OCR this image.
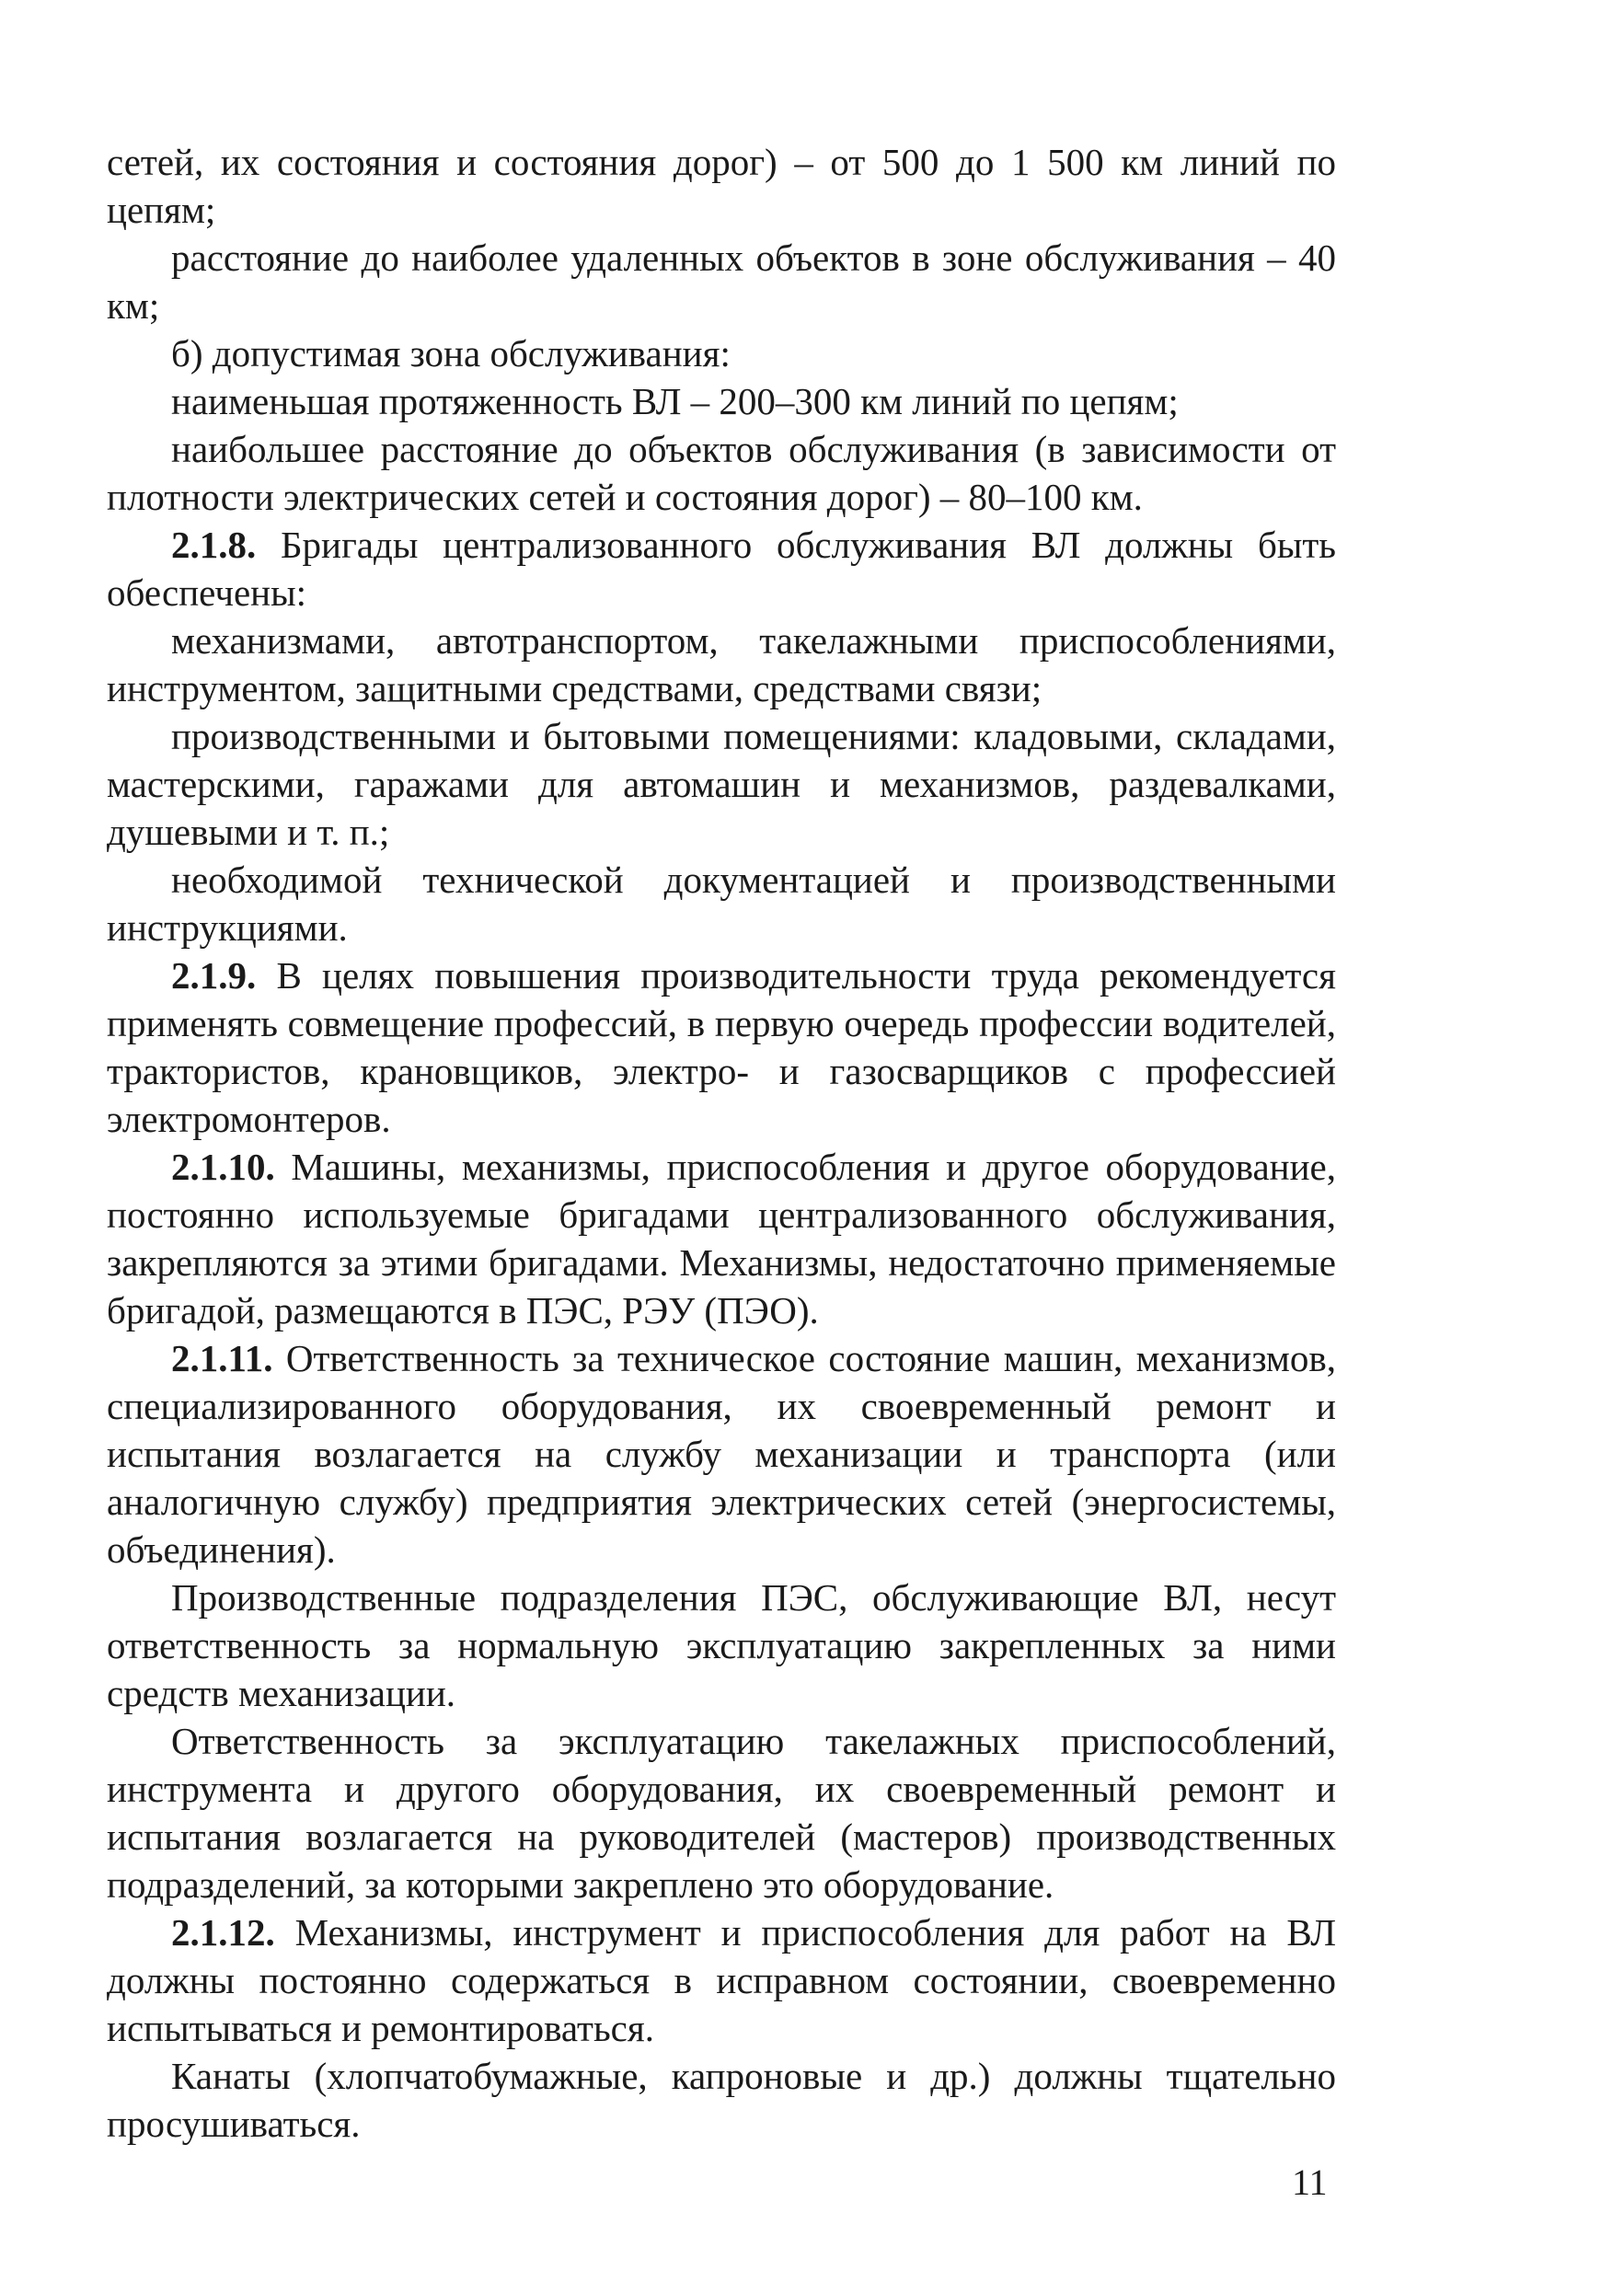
сетей, их состояния и состояния дорог) – от 500 до 1 500 км линий по цепям;

расстояние до наиболее удаленных объектов в зоне обслуживания – 40 км;

б) допустимая зона обслуживания:

наименьшая протяженность ВЛ – 200–300 км линий по цепям;

наибольшее расстояние до объектов обслуживания (в зависимости от плотности электрических сетей и состояния дорог) – 80–100 км.

2.1.8. Бригады централизованного обслуживания ВЛ должны быть обеспечены:

механизмами, автотранспортом, такелажными приспособлениями, инструментом, защитными средствами, средствами связи;

производственными и бытовыми помещениями: кладовыми, складами, мастерскими, гаражами для автомашин и механизмов, раздевалками, душевыми и т. п.;

необходимой технической документацией и производственными инструкциями.

2.1.9. В целях повышения производительности труда рекомендуется применять совмещение профессий, в первую очередь профессии водителей, трактористов, крановщиков, электро- и газосварщиков с профессией электромонтеров.

2.1.10. Машины, механизмы, приспособления и другое оборудование, постоянно используемые бригадами централизованного обслуживания, закрепляются за этими бригадами. Механизмы, недостаточно применяемые бригадой, размещаются в ПЭС, РЭУ (ПЭО).

2.1.11. Ответственность за техническое состояние машин, механизмов, специализированного оборудования, их своевременный ремонт и испытания возлагается на службу механизации и транспорта (или аналогичную службу) предприятия электрических сетей (энергосистемы, объединения).

Производственные подразделения ПЭС, обслуживающие ВЛ, несут ответственность за нормальную эксплуатацию закрепленных за ними средств механизации.

Ответственность за эксплуатацию такелажных приспособлений, инструмента и другого оборудования, их своевременный ремонт и испытания возлагается на руководителей (мастеров) производственных подразделений, за которыми закреплено это оборудование.

2.1.12. Механизмы, инструмент и приспособления для работ на ВЛ должны постоянно содержаться в исправном состоянии, своевременно испытываться и ремонтироваться.

Канаты (хлопчатобумажные, капроновые и др.) должны тщательно просушиваться.

11
